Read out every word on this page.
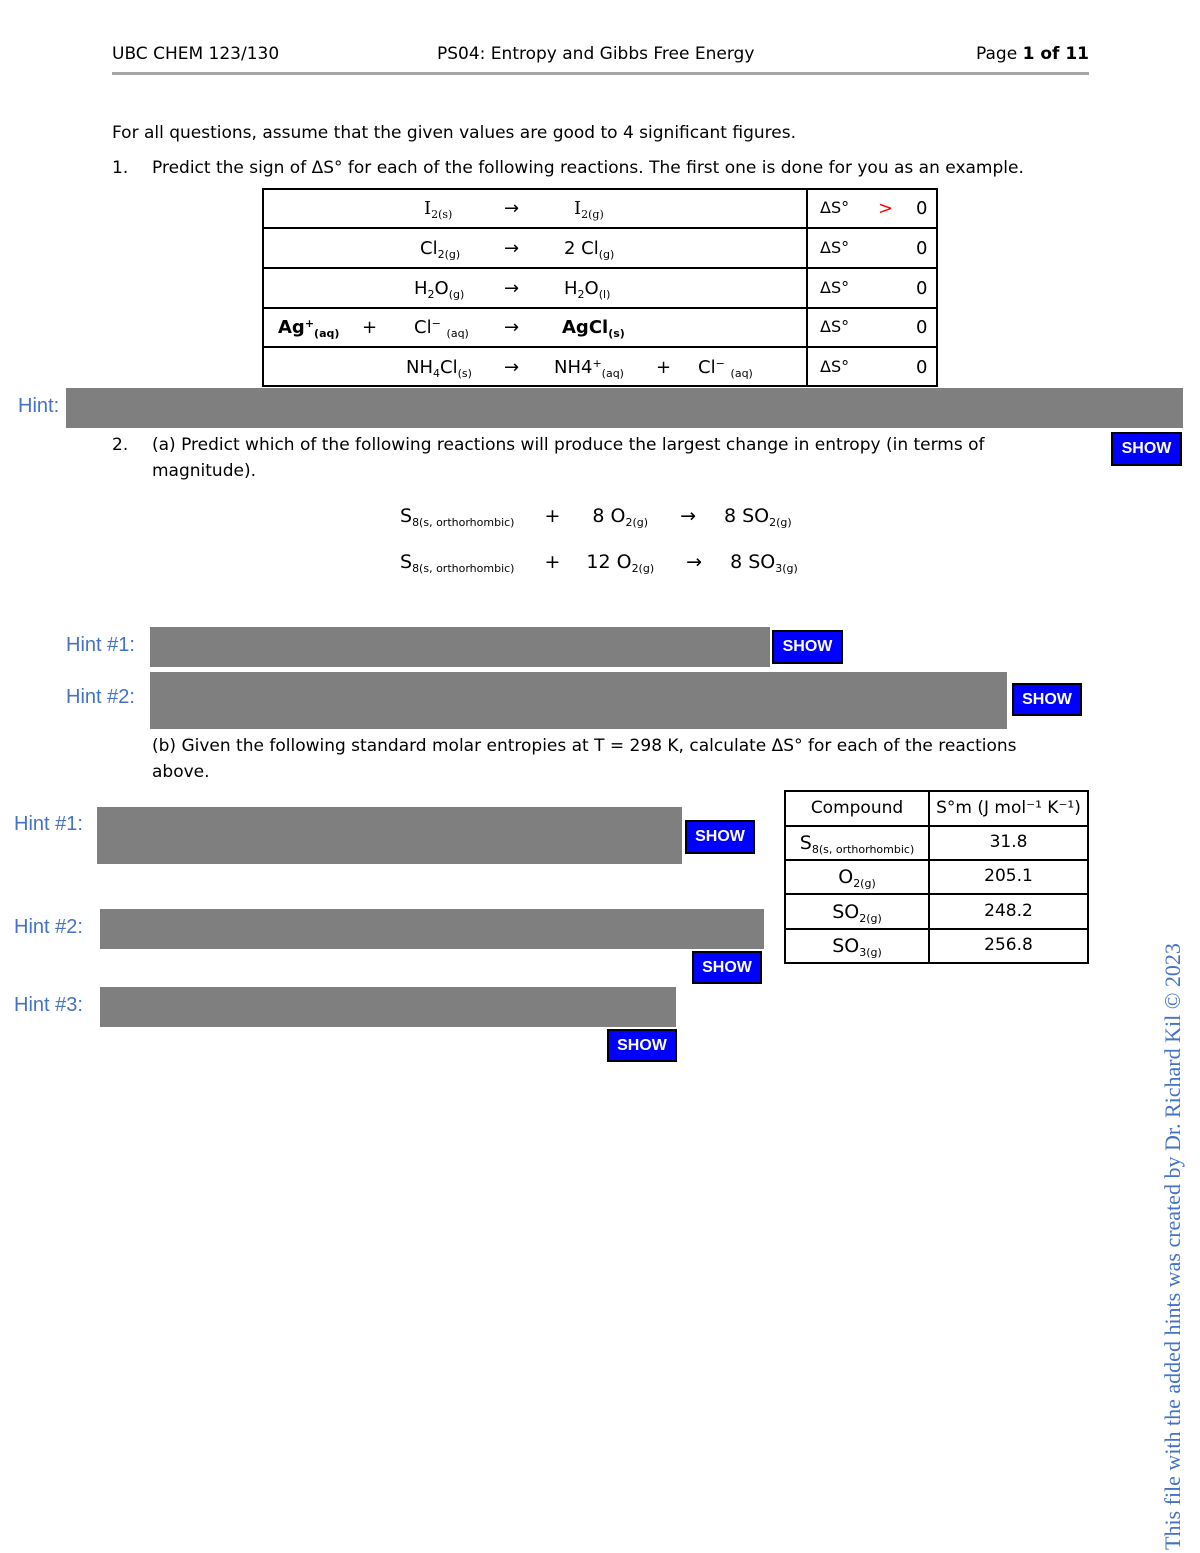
UBC CHEM 123/130	PS04: Entropy and Gibbs Free Energy	Page 1 of 11
For all questions, assume that the given values are good to 4 significant figures.
1. Predict the sign of ΔS° for each of the following reactions. The first one is done for you as an example.
$I_{2(s)}$	→	$I_{2(g)}$	ΔS° > 0
$Cl_{2(g)} \to 2$ $Cl_{(g)}$	ΔS°	0
$H_2O_{(g)} \to H_2O_{(l)}$	ΔS°	0
$Ag^+_{(aq)} + Cl^-$ $_{(aq)}$ → AgCl$_{(s)}$	ΔS°	0
$NH_4Cl_{(s)} \to NH4^+_{(aq)} + Cl^-$ $_{(aq)}$	ΔS°	0
Hint:
SHOW
2. (a) Predict which of the following reactions will produce the largest change in entropy (in terms of magnitude).
$S_{8(s, orthorhombic)} + 8$ $O_{2(g)} \to 8$ $SO_{2(g)}$
$S_{8(s, orthorhombic)} + 12$ $O_{2(g)} \to 8$ $SO_{3(g)}$
Hint #1:	SHOW
Hint #2:	SHOW
(b) Given the following standard molar entropies at T = 298 K, calculate ΔS° for each of the reactions above.
Compound	S°m (J mol⁻¹ K⁻¹)
$S_{8(s, orthorhombic)}$	31.8
$O_{2(g)}$	205.1
$SO_{2(g)}$	248.2
$SO_{3(g)}$	256.8
Hint #1:
SHOW
Hint #2:
SHOW
Hint #3:
SHOW	This file with the added hints was created by Dr. Richard Kil © 2023
